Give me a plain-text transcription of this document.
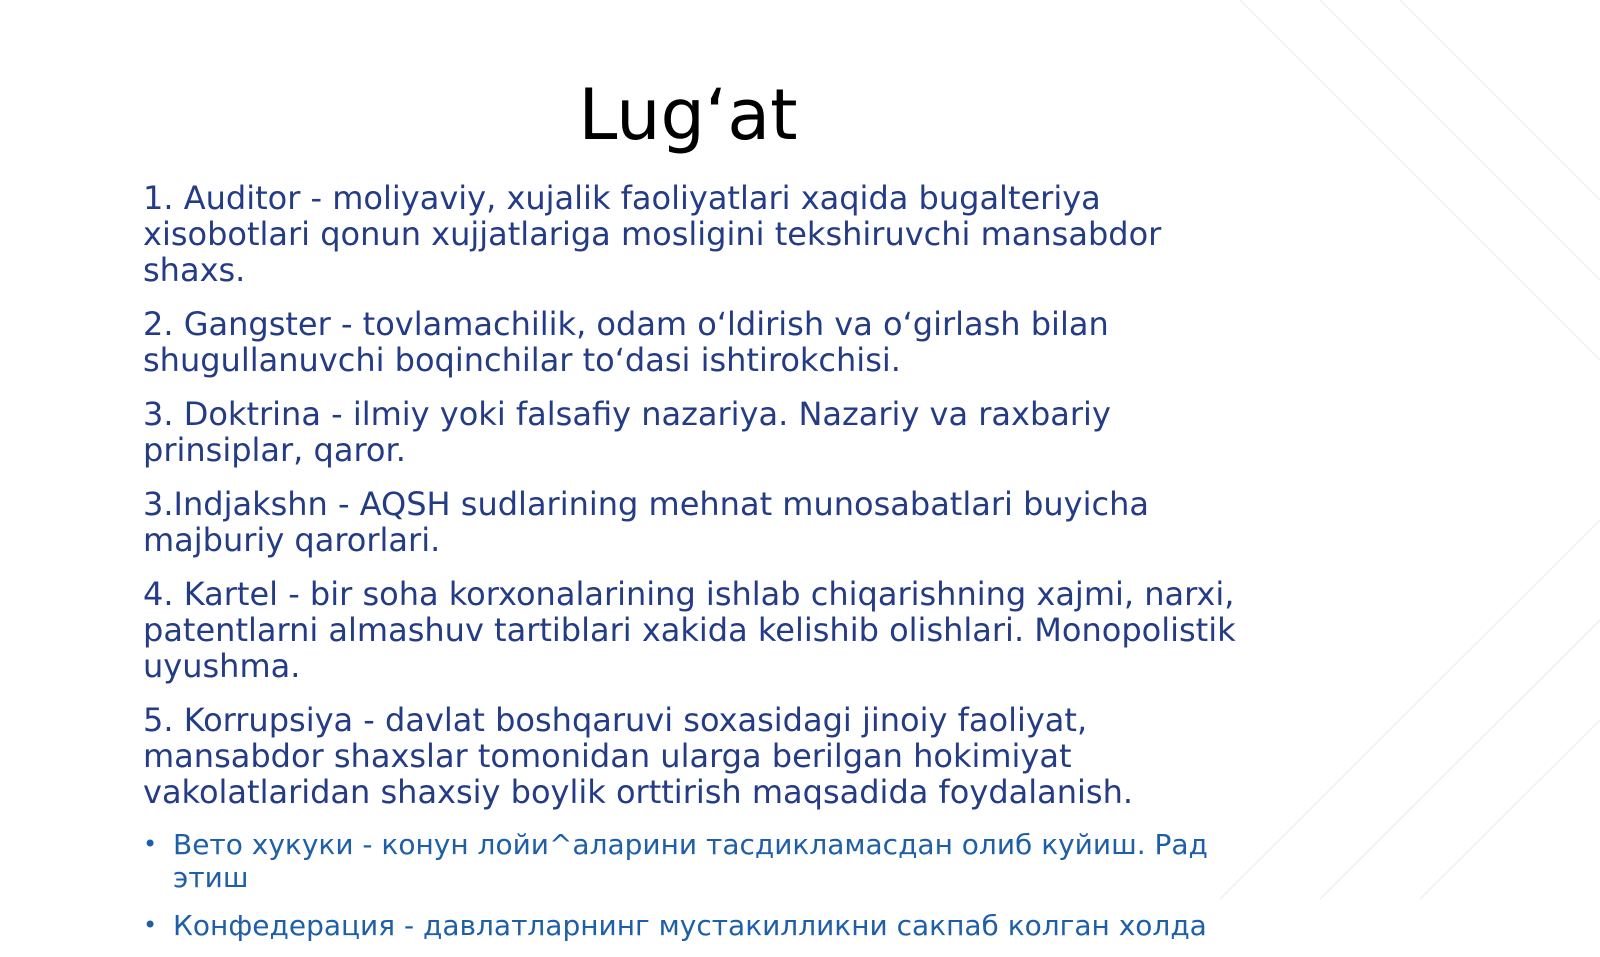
Lug‘at

1. Auditor - moliyaviy, xujalik faoliyatlari xaqida bugalteriya xisobotlari qonun xujjatlariga mosligini tekshiruvchi mansabdor shaxs.

2. Gangster - tovlamachilik, odam o‘ldirish va o‘girlash bilan shugullanuvchi boqinchilar to‘dasi ishtirokchisi.

3. Doktrina - ilmiy yoki falsafiy nazariya. Nazariy va raxbariy prinsiplar, qaror.

3.Indjakshn - AQSH sudlarining mehnat munosabatlari buyicha majburiy qarorlari.

4. Kartel - bir soha korxonalarining ishlab chiqarishning xajmi, narxi, patentlarni almashuv tartiblari xakida kelishib olishlari. Monopolistik uyushma.

5. Korrupsiya - davlat boshqaruvi soxasidagi jinoiy faoliyat, mansabdor shaxslar tomonidan ularga berilgan hokimiyat vakolatlaridan shaxsiy boylik orttirish maqsadida foydalanish.

• Вето хукуки - конун лойи^аларини тасдикламасдан олиб куйиш. Рад этиш
• Конфедерация - давлатларнинг мустакилликни сакпаб колган холда
